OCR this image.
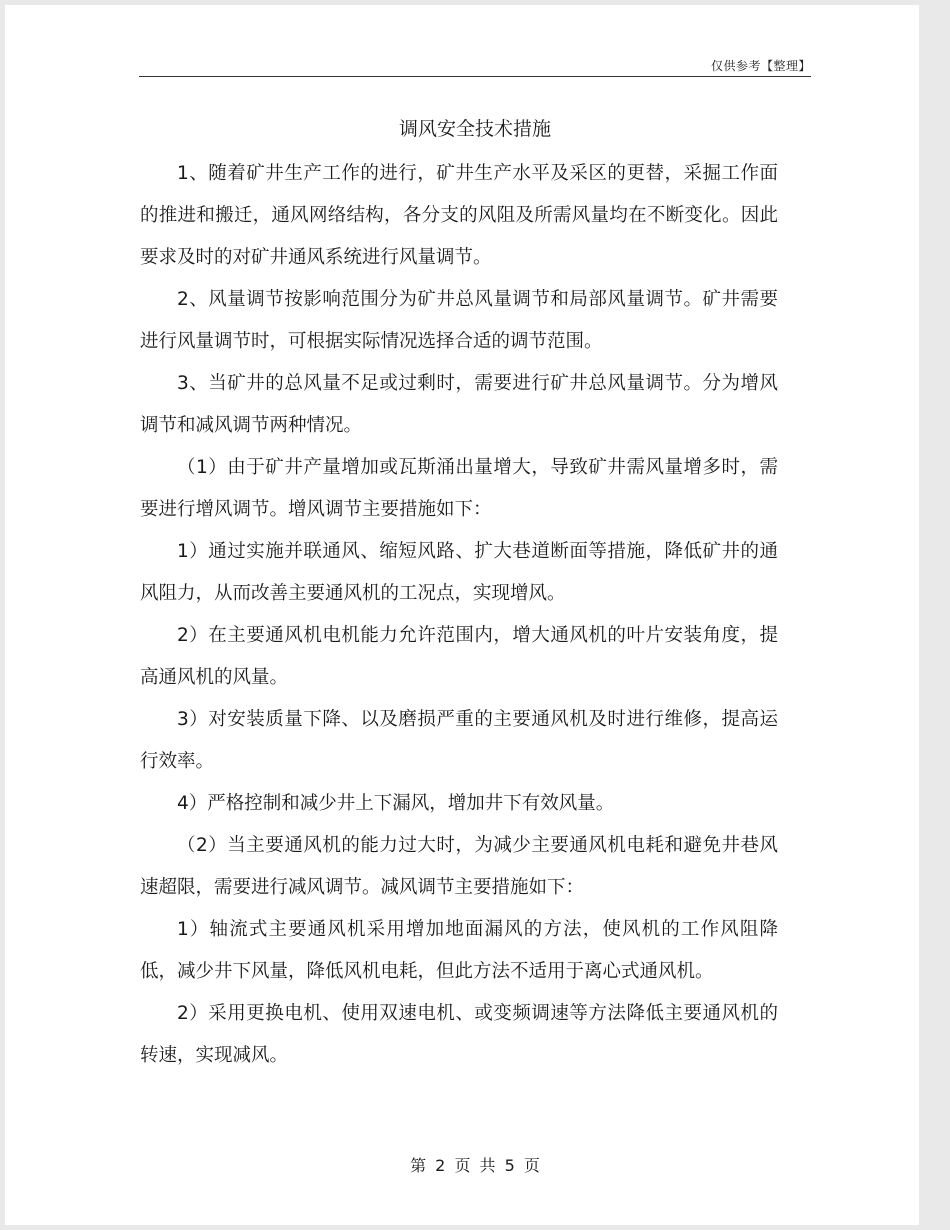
仅供参考【整理】
调风安全技术措施

1、随着矿井生产工作的进行，矿井生产水平及采区的更替，采掘工作面的推进和搬迁，通风网络结构，各分支的风阻及所需风量均在不断变化。因此要求及时的对矿井通风系统进行风量调节。

2、风量调节按影响范围分为矿井总风量调节和局部风量调节。矿井需要进行风量调节时，可根据实际情况选择合适的调节范围。

3、当矿井的总风量不足或过剩时，需要进行矿井总风量调节。分为增风调节和减风调节两种情况。

（1）由于矿井产量增加或瓦斯涌出量增大，导致矿井需风量增多时，需要进行增风调节。增风调节主要措施如下：

1）通过实施并联通风、缩短风路、扩大巷道断面等措施，降低矿井的通风阻力，从而改善主要通风机的工况点，实现增风。

2）在主要通风机电机能力允许范围内，增大通风机的叶片安装角度，提高通风机的风量。

3）对安装质量下降、以及磨损严重的主要通风机及时进行维修，提高运行效率。

4）严格控制和减少井上下漏风，增加井下有效风量。

（2）当主要通风机的能力过大时，为减少主要通风机电耗和避免井巷风速超限，需要进行减风调节。减风调节主要措施如下：

1）轴流式主要通风机采用增加地面漏风的方法，使风机的工作风阻降低，减少井下风量，降低风机电耗，但此方法不适用于离心式通风机。

2）采用更换电机、使用双速电机、或变频调速等方法降低主要通风机的转速，实现减风。

第 2 页 共 5 页
